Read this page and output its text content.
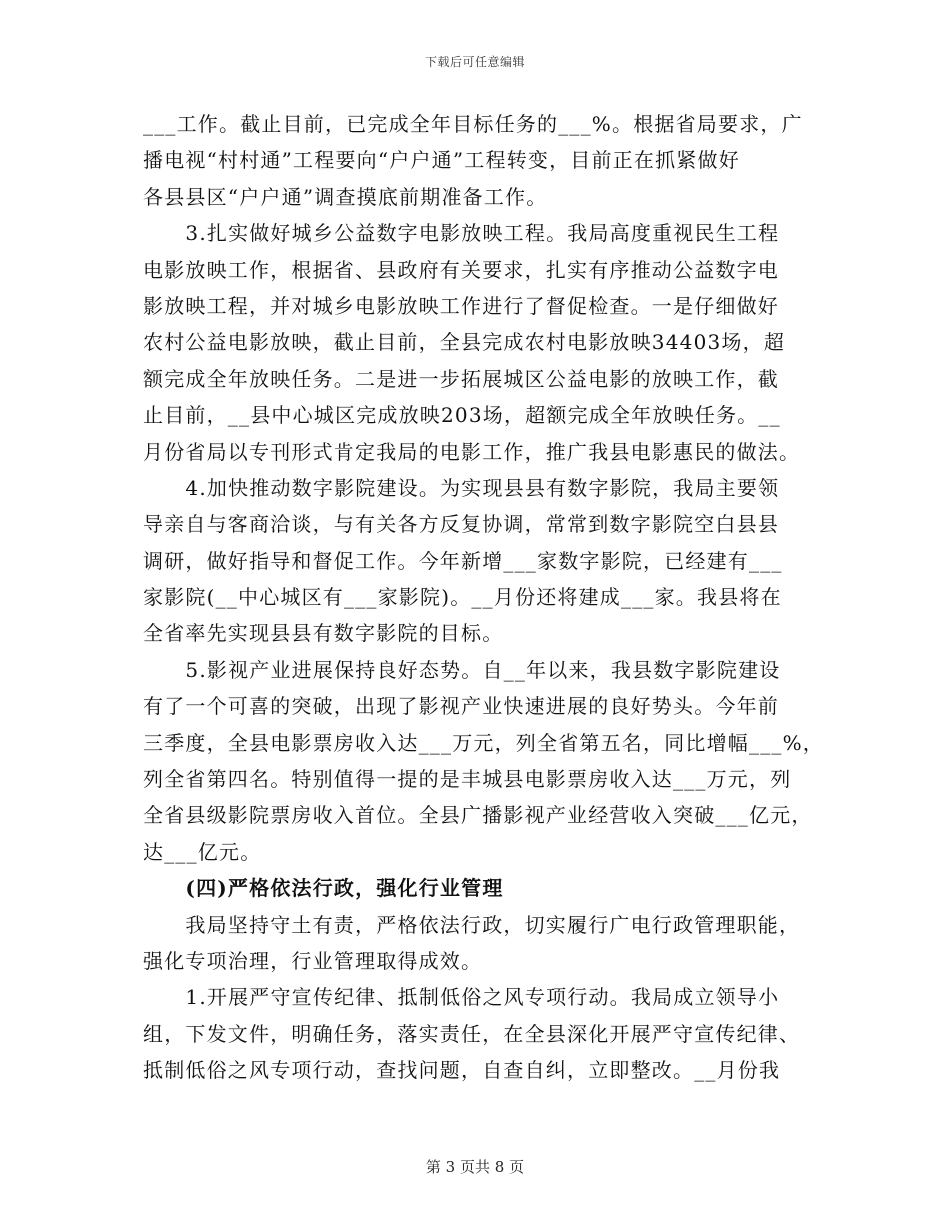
下载后可任意编辑
___工作。截止目前，已完成全年目标任务的___%。根据省局要求，广
播电视“村村通”工程要向“户户通”工程转变，目前正在抓紧做好
各县县区“户户通”调查摸底前期准备工作。
　　3.扎实做好城乡公益数字电影放映工程。我局高度重视民生工程
电影放映工作，根据省、县政府有关要求，扎实有序推动公益数字电
影放映工程，并对城乡电影放映工作进行了督促检查。一是仔细做好
农村公益电影放映，截止目前，全县完成农村电影放映34403场，超
额完成全年放映任务。二是进一步拓展城区公益电影的放映工作，截
止目前，__县中心城区完成放映203场，超额完成全年放映任务。__
月份省局以专刊形式肯定我局的电影工作，推广我县电影惠民的做法。
　　4.加快推动数字影院建设。为实现县县有数字影院，我局主要领
导亲自与客商洽谈，与有关各方反复协调，常常到数字影院空白县县
调研，做好指导和督促工作。今年新增___家数字影院，已经建有___
家影院(__中心城区有___家影院)。__月份还将建成___家。我县将在
全省率先实现县县有数字影院的目标。
　　5.影视产业进展保持良好态势。自__年以来，我县数字影院建设
有了一个可喜的突破，出现了影视产业快速进展的良好势头。今年前
三季度，全县电影票房收入达___万元，列全省第五名，同比增幅___%，
列全省第四名。特别值得一提的是丰城县电影票房收入达___万元，列
全省县级影院票房收入首位。全县广播影视产业经营收入突破___亿元，
达___亿元。
　　(四)严格依法行政，强化行业管理
　　我局坚持守土有责，严格依法行政，切实履行广电行政管理职能，
强化专项治理，行业管理取得成效。
　　1.开展严守宣传纪律、抵制低俗之风专项行动。我局成立领导小
组，下发文件，明确任务，落实责任，在全县深化开展严守宣传纪律、
抵制低俗之风专项行动，查找问题，自查自纠，立即整改。__月份我
第 3 页共 8 页
